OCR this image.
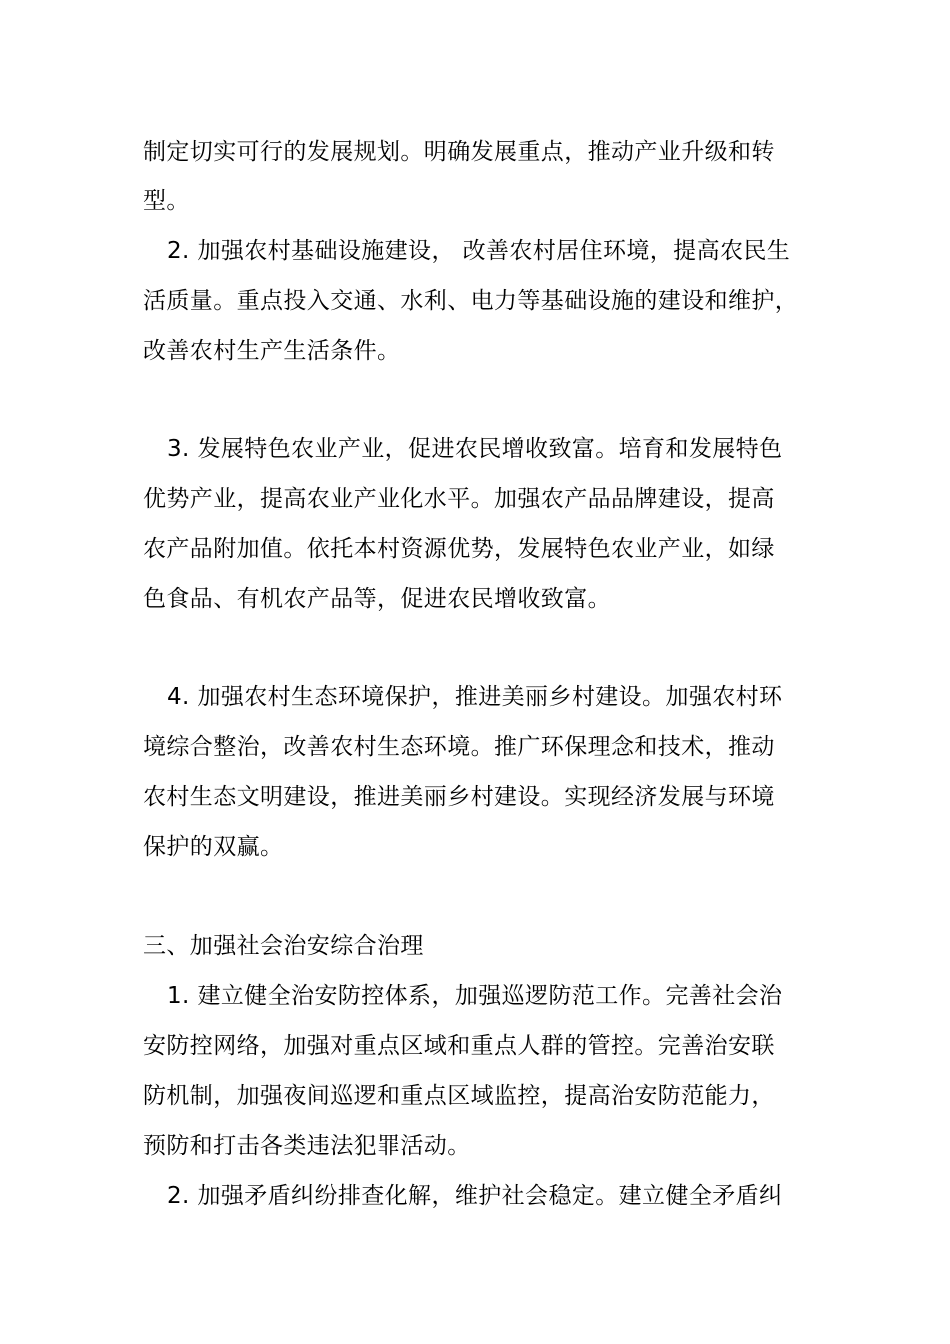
制定切实可行的发展规划。明确发展重点，推动产业升级和转
型。
2. 加强农村基础设施建设， 改善农村居住环境，提高农民生
活质量。重点投入交通、水利、电力等基础设施的建设和维护，
改善农村生产生活条件。
3. 发展特色农业产业，促进农民增收致富。培育和发展特色
优势产业，提高农业产业化水平。加强农产品品牌建设，提高
农产品附加值。依托本村资源优势，发展特色农业产业，如绿
色食品、有机农产品等，促进农民增收致富。
4. 加强农村生态环境保护，推进美丽乡村建设。加强农村环
境综合整治，改善农村生态环境。推广环保理念和技术，推动
农村生态文明建设，推进美丽乡村建设。实现经济发展与环境
保护的双赢。
三、加强社会治安综合治理
1. 建立健全治安防控体系，加强巡逻防范工作。完善社会治
安防控网络，加强对重点区域和重点人群的管控。完善治安联
防机制，加强夜间巡逻和重点区域监控，提高治安防范能力，
预防和打击各类违法犯罪活动。
2. 加强矛盾纠纷排查化解，维护社会稳定。建立健全矛盾纠
